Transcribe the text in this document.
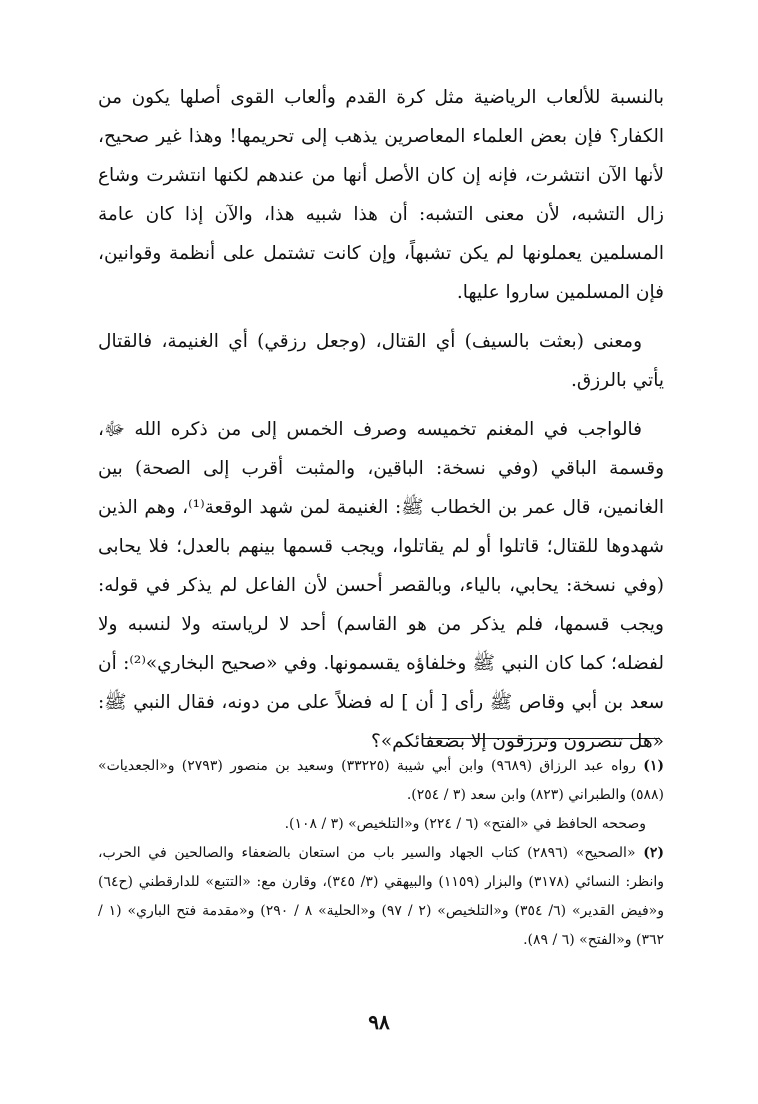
بالنسبة للألعاب الرياضية مثل كرة القدم وألعاب القوى أصلها يكون من الكفار؟ فإن بعض العلماء المعاصرين يذهب إلى تحريمها! وهذا غير صحيح، لأنها الآن انتشرت، فإنه إن كان الأصل أنها من عندهم لكنها انتشرت وشاع زال التشبه، لأن معنى التشبه: أن هذا شبيه هذا، والآن إذا كان عامة المسلمين يعملونها لم يكن تشبهاً، وإن كانت تشتمل على أنظمة وقوانين، فإن المسلمين ساروا عليها.

ومعنى (بعثت بالسيف) أي القتال، (وجعل رزقي) أي الغنيمة، فالقتال يأتي بالرزق.

فالواجب في المغنم تخميسه وصرف الخمس إلى من ذكره الله ﷻ، وقسمة الباقي (وفي نسخة: الباقين، والمثبت أقرب إلى الصحة) بين الغانمين، قال عمر بن الخطاب ﷺ: الغنيمة لمن شهد الوقعة⁽¹⁾، وهم الذين شهدوها للقتال؛ قاتلوا أو لم يقاتلوا، ويجب قسمها بينهم بالعدل؛ فلا يحابى (وفي نسخة: يحابي، بالياء، وبالقصر أحسن لأن الفاعل لم يذكر في قوله: ويجب قسمها، فلم يذكر من هو القاسم) أحد لا لرياسته ولا لنسبه ولا لفضله؛ كما كان النبي ﷺ وخلفاؤه يقسمونها. وفي «صحيح البخاري»⁽²⁾: أن سعد بن أبي وقاص ﷺ رأى [ أن ] له فضلاً على من دونه، فقال النبي ﷺ: «هل تنصرون وترزقون إلا بضعفائكم»؟

(١) رواه عبد الرزاق (٩٦٨٩) وابن أبي شيبة (٣٣٢٢٥) وسعيد بن منصور (٢٧٩٣) و«الجعديات» (٥٨٨) والطبراني (٨٢٣) وابن سعد (٣ / ٢٥٤).

وصححه الحافظ في «الفتح» (٦ / ٢٢٤) و«التلخيص» (٣ / ١٠٨).

(٢) «الصحيح» (٢٨٩٦) كتاب الجهاد والسير باب من استعان بالضعفاء والصالحين في الحرب، وانظر: النسائي (٣١٧٨) والبزار (١١٥٩) والبيهقي (٣/ ٣٤٥)، وقارن مع: «التتبع» للدارقطني (ح٦٤) و«فيض القدير» (٦/ ٣٥٤) و«التلخيص» (٢ / ٩٧) و«الحلية» ٨ / ٢٩٠) و«مقدمة فتح الباري» (١ / ٣٦٢) و«الفتح» (٦ / ٨٩).

٩٨
